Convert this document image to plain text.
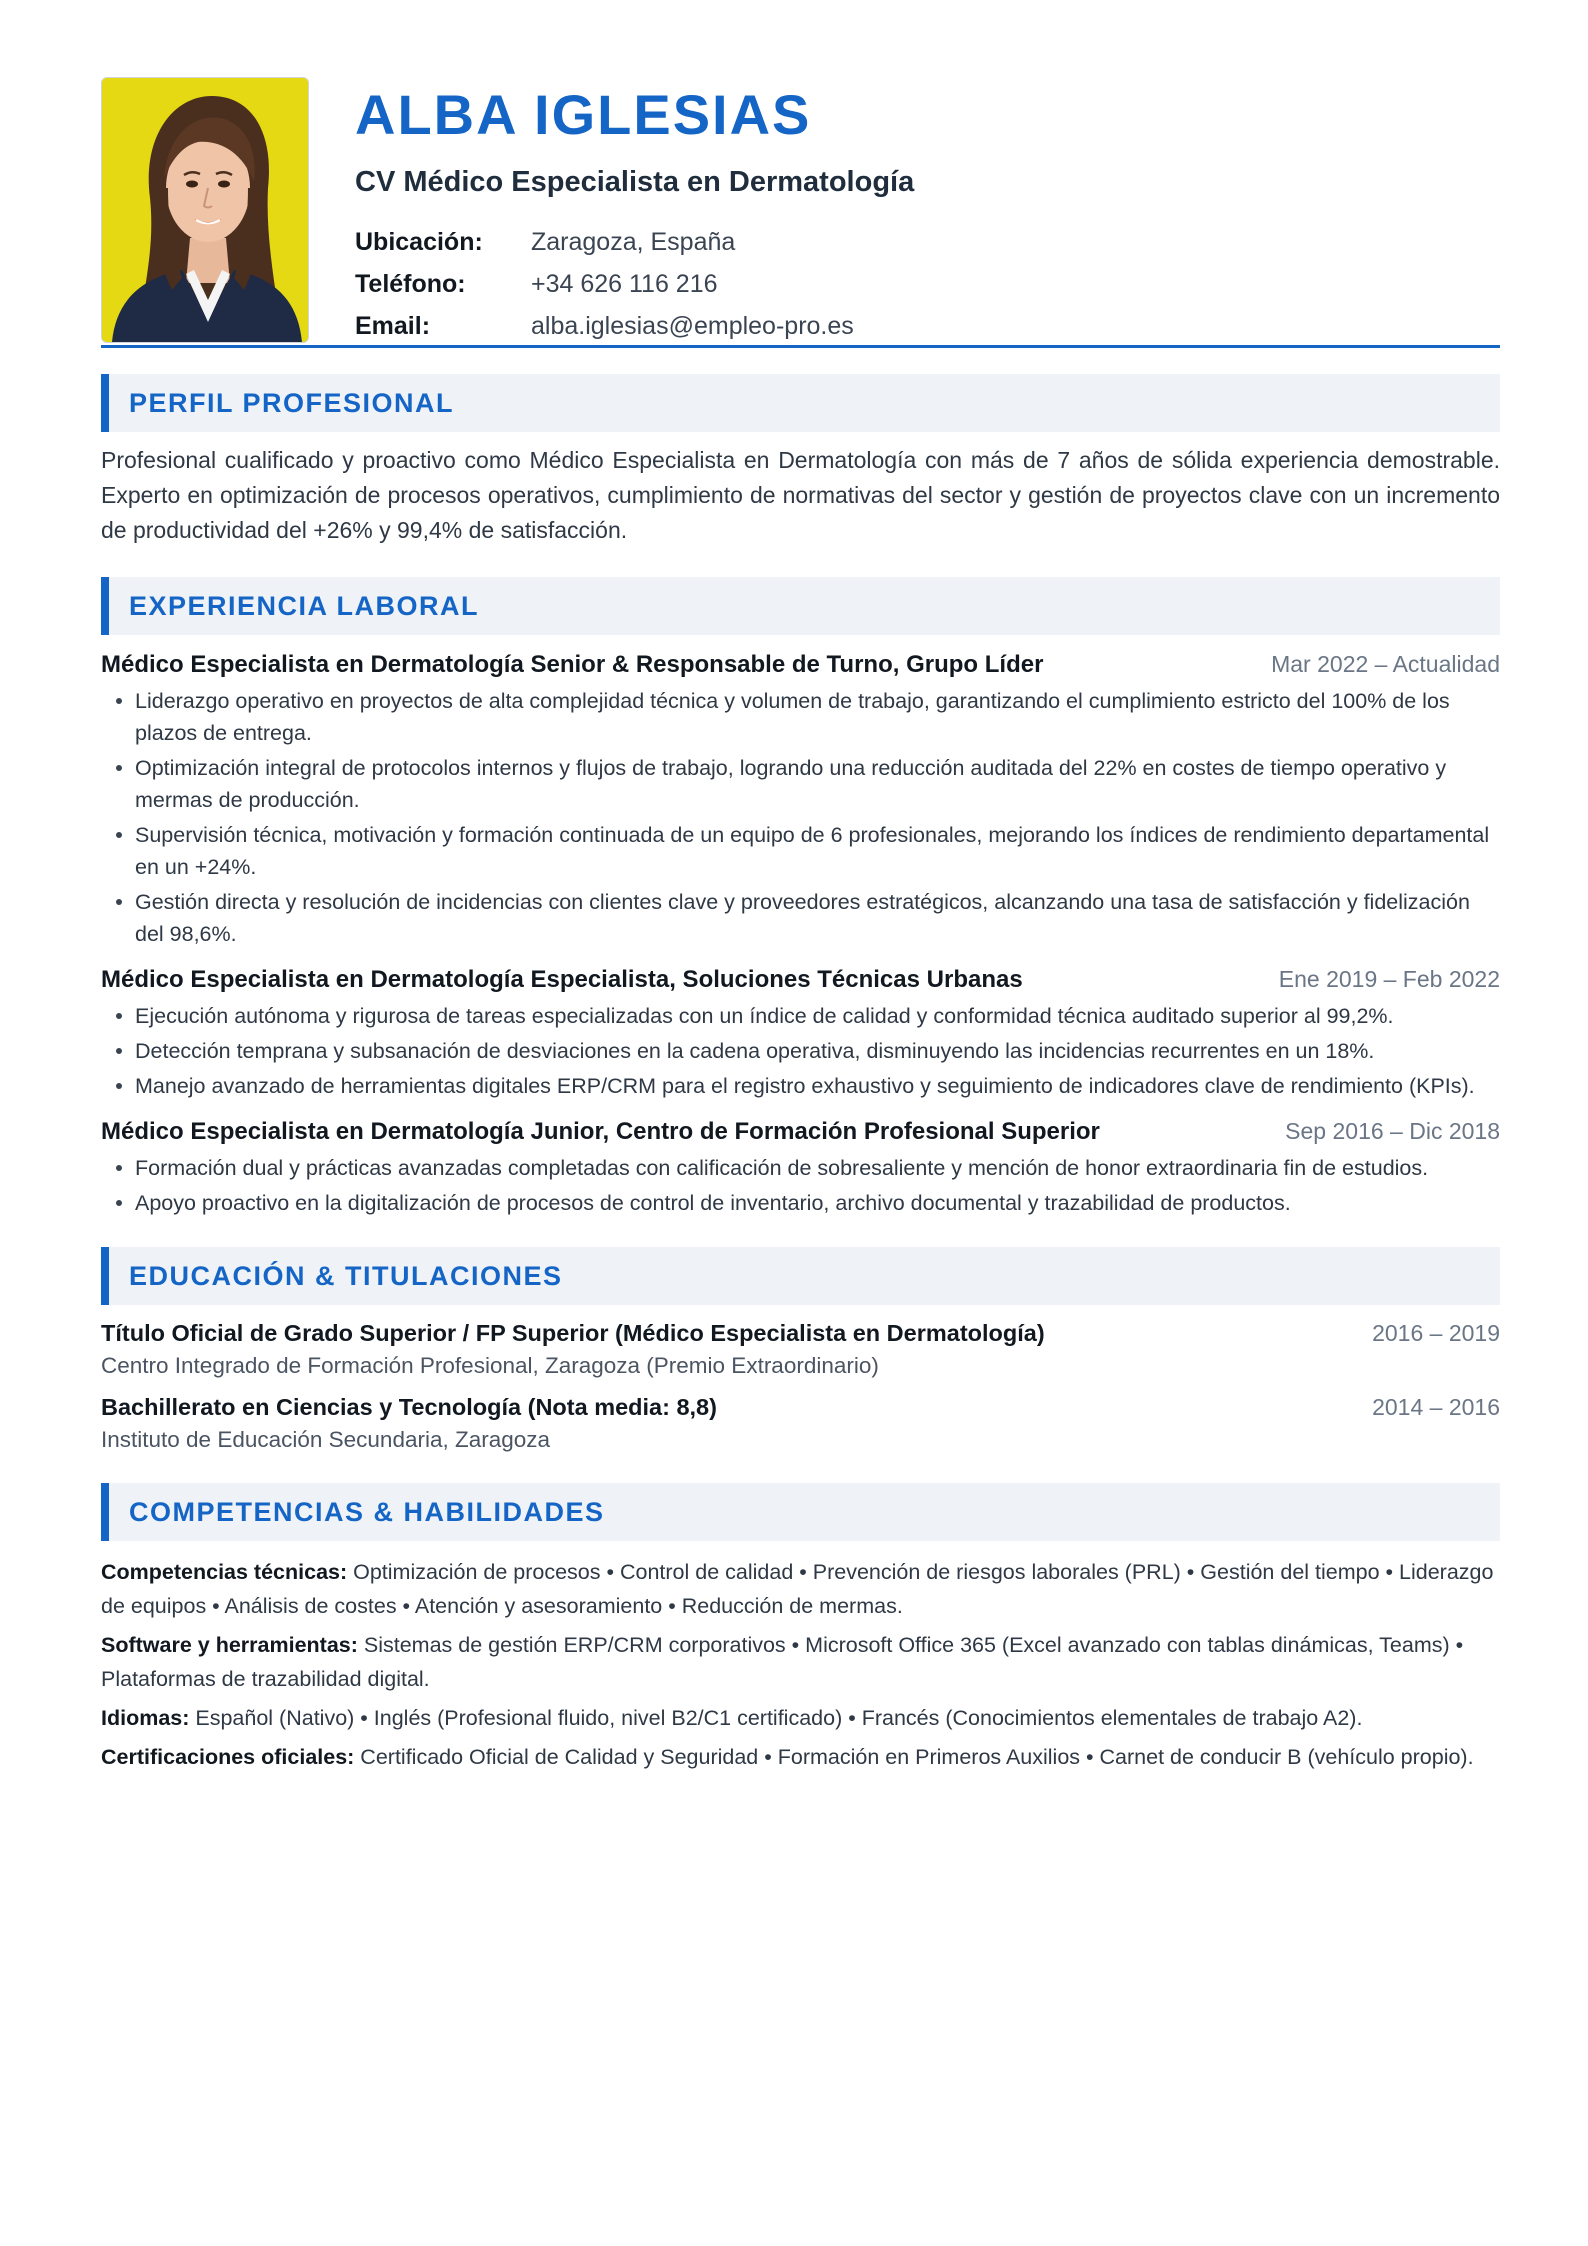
ALBA IGLESIAS
CV Médico Especialista en Dermatología
Ubicación:	Zaragoza, España
Teléfono:	+34 626 116 216
Email:	alba.iglesias@empleo-pro.es
PERFIL PROFESIONAL
Profesional cualificado y proactivo como Médico Especialista en Dermatología con más de 7 años de sólida experiencia demostrable. Experto en optimización de procesos operativos, cumplimiento de normativas del sector y gestión de proyectos clave con un incremento de productividad del +26% y 99,4% de satisfacción.
EXPERIENCIA LABORAL
Médico Especialista en Dermatología Senior & Responsable de Turno, Grupo Líder	Mar 2022 – Actualidad
Liderazgo operativo en proyectos de alta complejidad técnica y volumen de trabajo, garantizando el cumplimiento estricto del 100% de los plazos de entrega.
Optimización integral de protocolos internos y flujos de trabajo, logrando una reducción auditada del 22% en costes de tiempo operativo y mermas de producción.
Supervisión técnica, motivación y formación continuada de un equipo de 6 profesionales, mejorando los índices de rendimiento departamental en un +24%.
Gestión directa y resolución de incidencias con clientes clave y proveedores estratégicos, alcanzando una tasa de satisfacción y fidelización del 98,6%.
Médico Especialista en Dermatología Especialista, Soluciones Técnicas Urbanas	Ene 2019 – Feb 2022
Ejecución autónoma y rigurosa de tareas especializadas con un índice de calidad y conformidad técnica auditado superior al 99,2%.
Detección temprana y subsanación de desviaciones en la cadena operativa, disminuyendo las incidencias recurrentes en un 18%.
Manejo avanzado de herramientas digitales ERP/CRM para el registro exhaustivo y seguimiento de indicadores clave de rendimiento (KPIs).
Médico Especialista en Dermatología Junior, Centro de Formación Profesional Superior	Sep 2016 – Dic 2018
Formación dual y prácticas avanzadas completadas con calificación de sobresaliente y mención de honor extraordinaria fin de estudios.
Apoyo proactivo en la digitalización de procesos de control de inventario, archivo documental y trazabilidad de productos.
EDUCACIÓN & TITULACIONES
Título Oficial de Grado Superior / FP Superior (Médico Especialista en Dermatología)	2016 – 2019
Centro Integrado de Formación Profesional, Zaragoza (Premio Extraordinario)
Bachillerato en Ciencias y Tecnología (Nota media: 8,8)	2014 – 2016
Instituto de Educación Secundaria, Zaragoza
COMPETENCIAS & HABILIDADES
Competencias técnicas: Optimización de procesos • Control de calidad • Prevención de riesgos laborales (PRL) • Gestión del tiempo • Liderazgo de equipos • Análisis de costes • Atención y asesoramiento • Reducción de mermas.
Software y herramientas: Sistemas de gestión ERP/CRM corporativos • Microsoft Office 365 (Excel avanzado con tablas dinámicas, Teams) • Plataformas de trazabilidad digital.
Idiomas: Español (Nativo) • Inglés (Profesional fluido, nivel B2/C1 certificado) • Francés (Conocimientos elementales de trabajo A2).
Certificaciones oficiales: Certificado Oficial de Calidad y Seguridad • Formación en Primeros Auxilios • Carnet de conducir B (vehículo propio).
